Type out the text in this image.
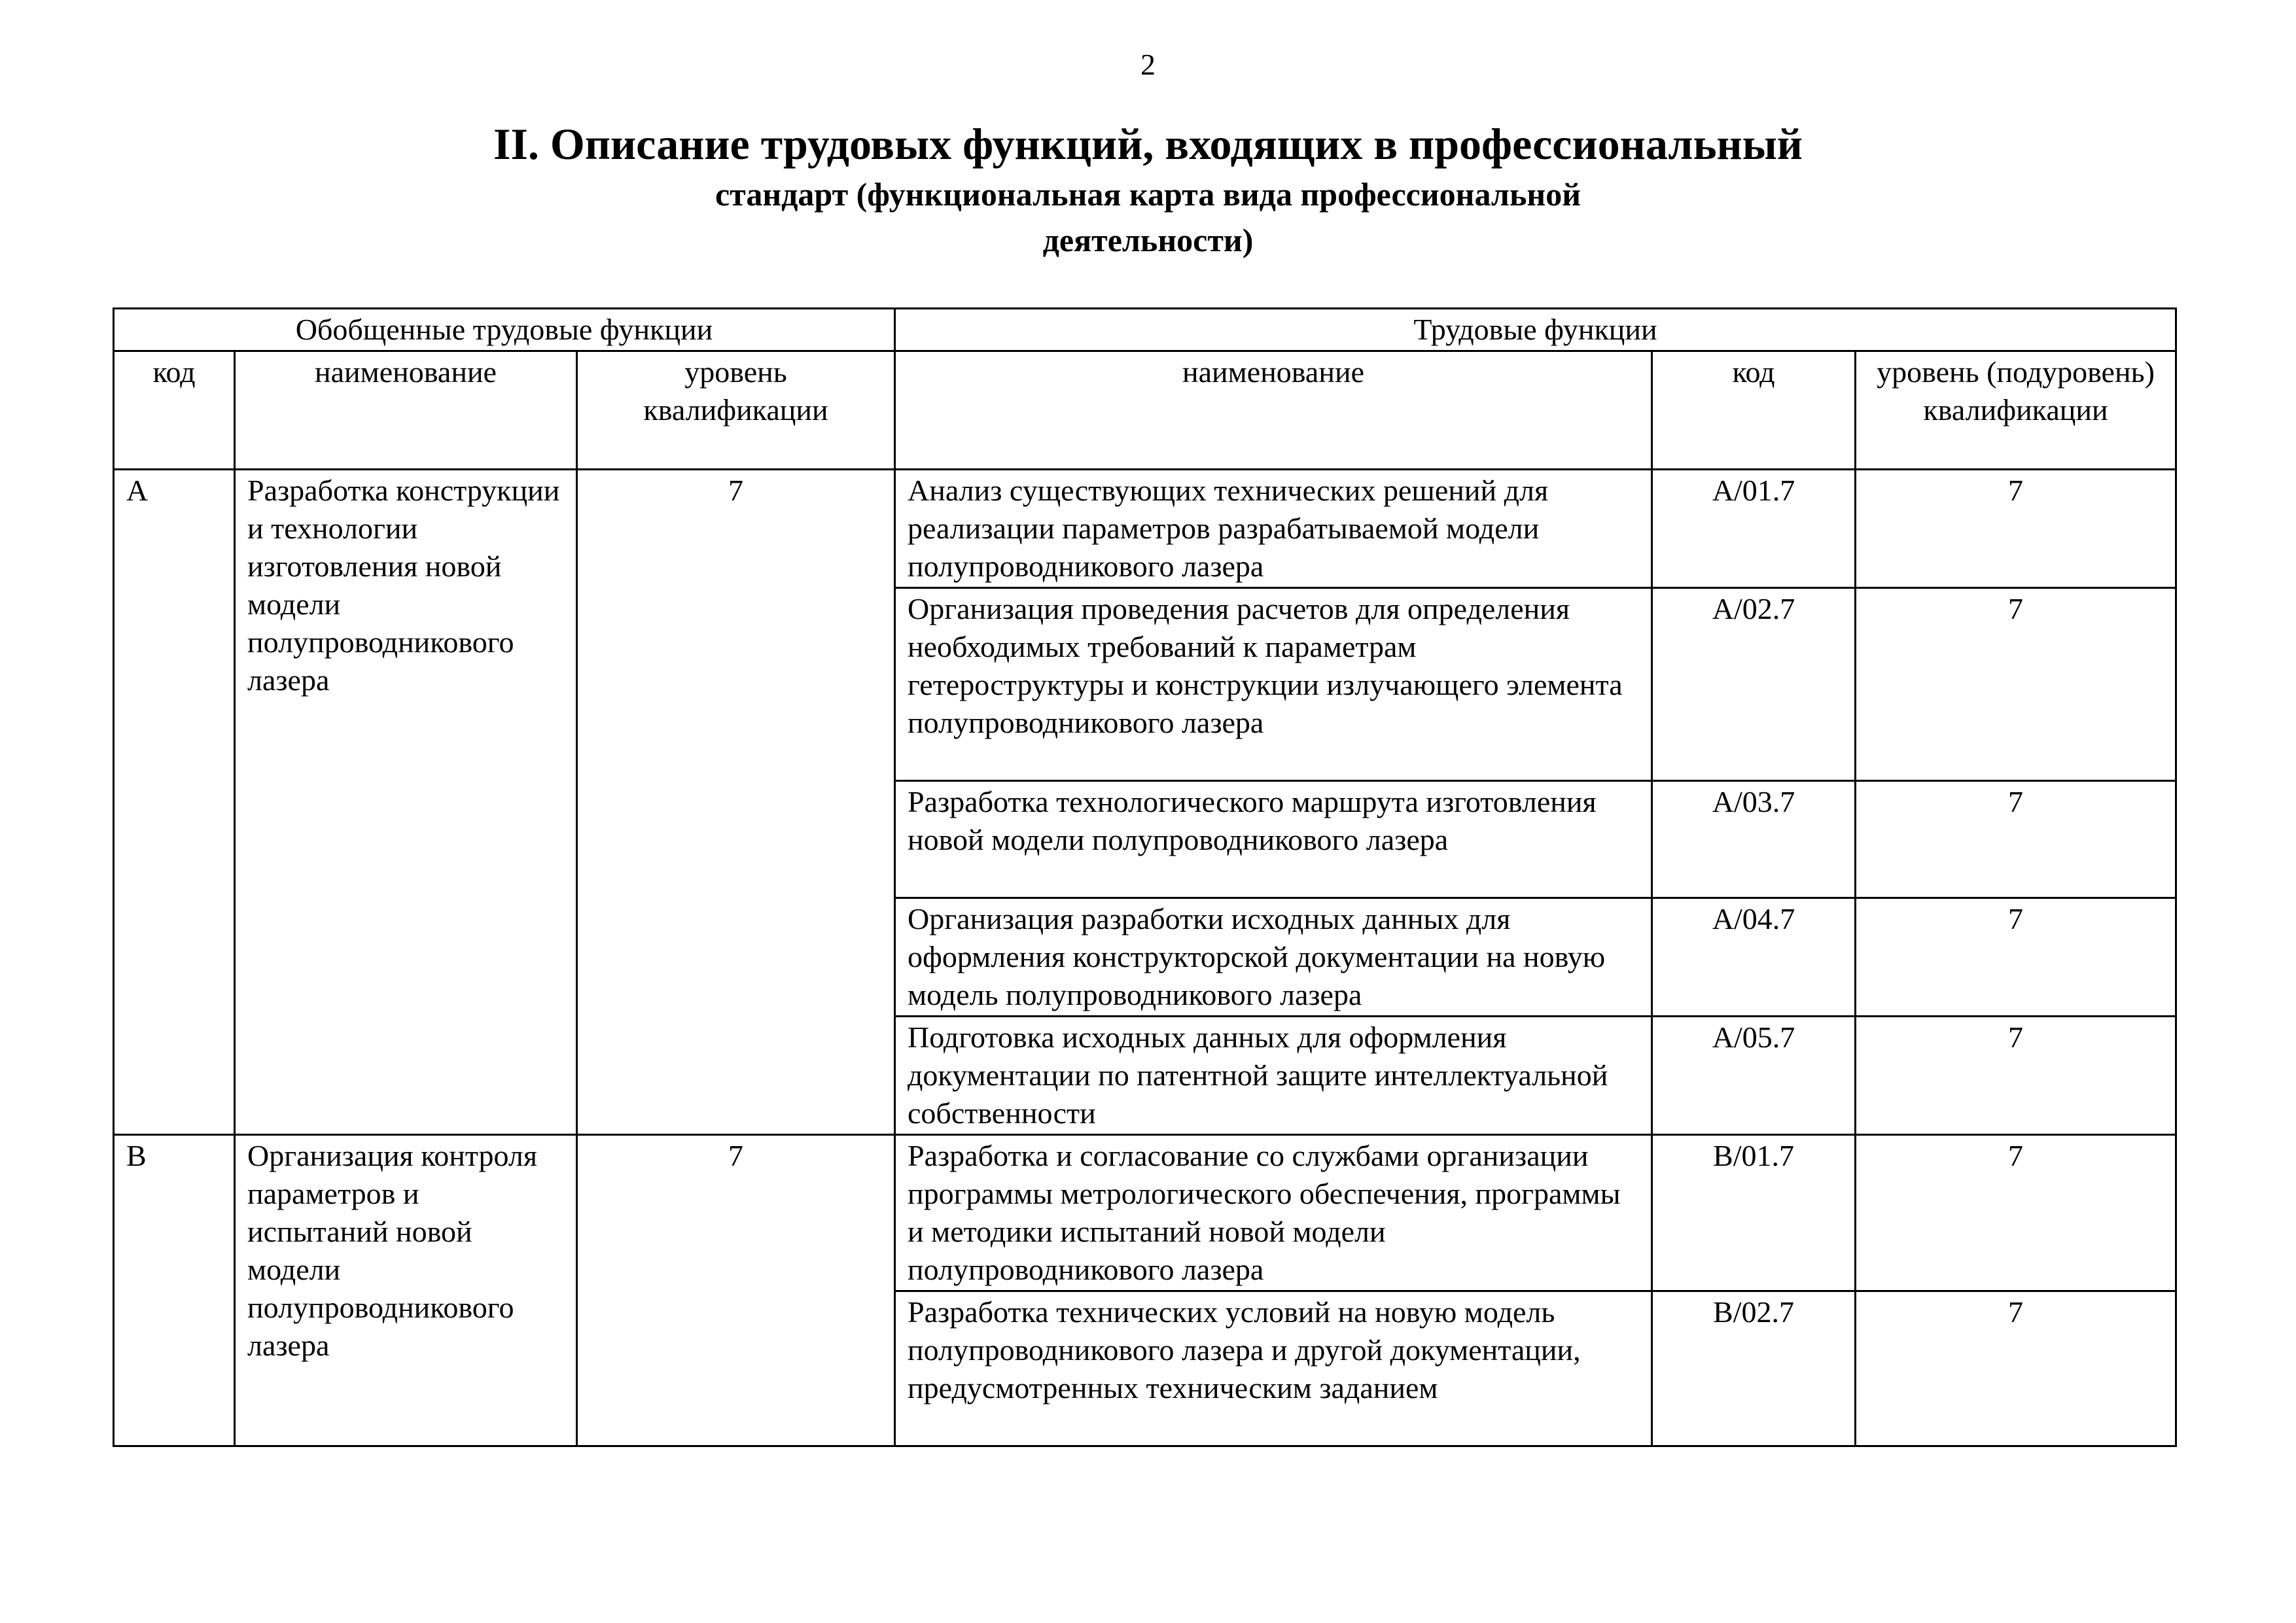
2
II. Описание трудовых функций, входящих в профессиональный
стандарт (функциональная карта вида профессиональной
деятельности)
Обобщенные трудовые функции			Трудовые функции		
код	наименование	уровень квалификации	наименование	код	уровень (подуровень) квалификации
A	Разработка конструкции и технологии изготовления новой модели полупроводникового лазера	7	Анализ существующих технических решений для реализации параметров разрабатываемой модели полупроводникового лазера	A/01.7	7
			Организация проведения расчетов для определения необходимых требований к параметрам гетероструктуры и конструкции излучающего элемента полупроводникового лазера	A/02.7	7
			Разработка технологического маршрута изготовления новой модели полупроводникового лазера	A/03.7	7
			Организация разработки исходных данных для оформления конструкторской документации на новую модель полупроводникового лазера	A/04.7	7
			Подготовка исходных данных для оформления документации по патентной защите интеллектуальной собственности	A/05.7	7
B	Организация контроля параметров и испытаний новой модели полупроводникового лазера	7	Разработка и согласование со службами организации программы метрологического обеспечения, программы и методики испытаний новой модели полупроводникового лазера	B/01.7	7
			Разработка технических условий на новую модель полупроводникового лазера и другой документации, предусмотренных техническим заданием	B/02.7	7
